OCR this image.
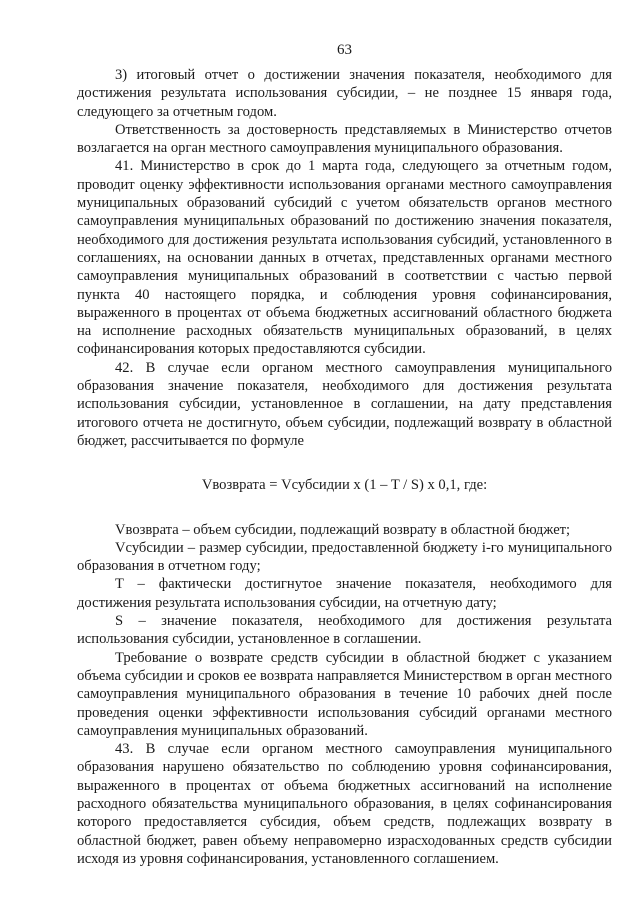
63

3) итоговый отчет о достижении значения показателя, необходимого для достижения результата использования субсидии, – не позднее 15 января года, следующего за отчетным годом.

Ответственность за достоверность представляемых в Министерство отчетов возлагается на орган местного самоуправления муниципального образования.

41. Министерство в срок до 1 марта года, следующего за отчетным годом, проводит оценку эффективности использования органами местного самоуправления муниципальных образований субсидий с учетом обязательств органов местного самоуправления муниципальных образований по достижению значения показателя, необходимого для достижения результата использования субсидий, установленного в соглашениях, на основании данных в отчетах, представленных органами местного самоуправления муниципальных образований в соответствии с частью первой пункта 40 настоящего порядка, и соблюдения уровня софинансирования, выраженного в процентах от объема бюджетных ассигнований областного бюджета на исполнение расходных обязательств муниципальных образований, в целях софинансирования которых предоставляются субсидии.

42. В случае если органом местного самоуправления муниципального образования значение показателя, необходимого для достижения результата использования субсидии, установленное в соглашении, на дату представления итогового отчета не достигнуто, объем субсидии, подлежащий возврату в областной бюджет, рассчитывается по формуле

Vвозврата = Vсубсидии x (1 – T / S) x 0,1, где:

Vвозврата – объем субсидии, подлежащий возврату в областной бюджет;

Vсубсидии – размер субсидии, предоставленной бюджету i-го муниципального образования в отчетном году;

T – фактически достигнутое значение показателя, необходимого для достижения результата использования субсидии, на отчетную дату;

S – значение показателя, необходимого для достижения результата использования субсидии, установленное в соглашении.

Требование о возврате средств субсидии в областной бюджет с указанием объема субсидии и сроков ее возврата направляется Министерством в орган местного самоуправления муниципального образования в течение 10 рабочих дней после проведения оценки эффективности использования субсидий органами местного самоуправления муниципальных образований.

43. В случае если органом местного самоуправления муниципального образования нарушено обязательство по соблюдению уровня софинансирования, выраженного в процентах от объема бюджетных ассигнований на исполнение расходного обязательства муниципального образования, в целях софинансирования которого предоставляется субсидия, объем средств, подлежащих возврату в областной бюджет, равен объему неправомерно израсходованных средств субсидии исходя из уровня софинансирования, установленного соглашением.
